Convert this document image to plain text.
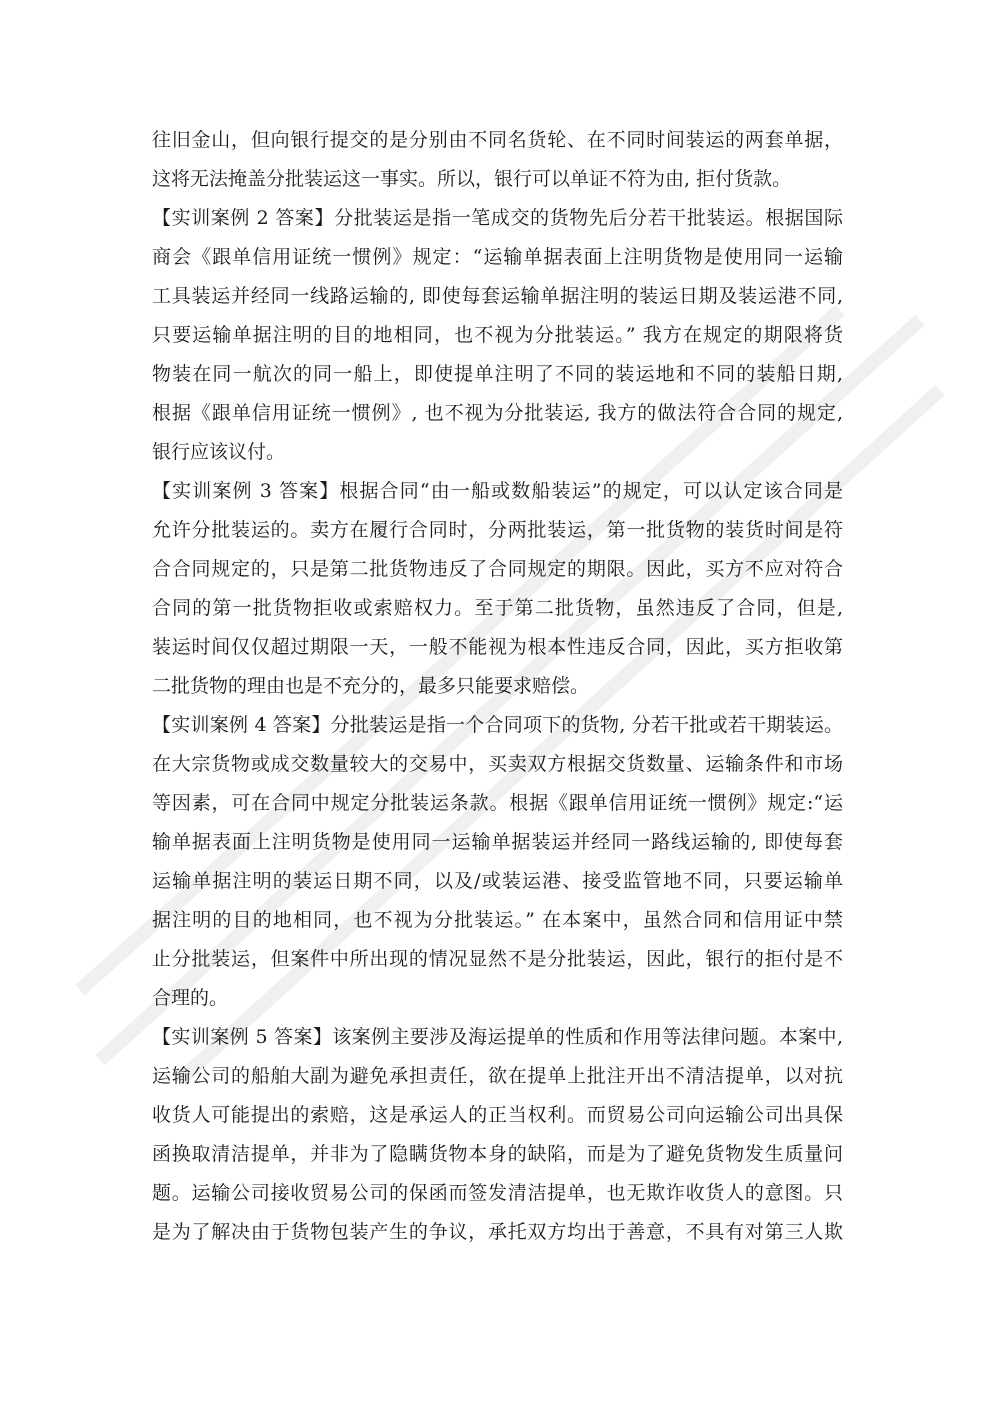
往旧金山，但向银行提交的是分别由不同名货轮、在不同时间装运的两套单据，
这将无法掩盖分批装运这一事实。所以，银行可以单证不符为由, 拒付货款。
【实训案例 2 答案】分批装运是指一笔成交的货物先后分若干批装运。根据国际
商会《跟单信用证统一惯例》规定：“运输单据表面上注明货物是使用同一运输
工具装运并经同一线路运输的, 即使每套运输单据注明的装运日期及装运港不同,
只要运输单据注明的目的地相同，也不视为分批装运。” 我方在规定的期限将货
物装在同一航次的同一船上，即使提单注明了不同的装运地和不同的装船日期,
根据《跟单信用证统一惯例》, 也不视为分批装运, 我方的做法符合合同的规定,
银行应该议付。
【实训案例 3 答案】根据合同“由一船或数船装运”的规定，可以认定该合同是
允许分批装运的。卖方在履行合同时，分两批装运，第一批货物的装货时间是符
合合同规定的，只是第二批货物违反了合同规定的期限。因此，买方不应对符合
合同的第一批货物拒收或索赔权力。至于第二批货物，虽然违反了合同，但是,
装运时间仅仅超过期限一天，一般不能视为根本性违反合同，因此，买方拒收第
二批货物的理由也是不充分的，最多只能要求赔偿。
【实训案例 4 答案】分批装运是指一个合同项下的货物, 分若干批或若干期装运。
在大宗货物或成交数量较大的交易中，买卖双方根据交货数量、运输条件和市场
等因素，可在合同中规定分批装运条款。根据《跟单信用证统一惯例》规定:“运
输单据表面上注明货物是使用同一运输单据装运并经同一路线运输的, 即使每套
运输单据注明的装运日期不同，以及/或装运港、接受监管地不同，只要运输单
据注明的目的地相同，也不视为分批装运。” 在本案中，虽然合同和信用证中禁
止分批装运，但案件中所出现的情况显然不是分批装运，因此，银行的拒付是不
合理的。
【实训案例 5 答案】该案例主要涉及海运提单的性质和作用等法律问题。本案中,
运输公司的船舶大副为避免承担责任，欲在提单上批注开出不清洁提单，以对抗
收货人可能提出的索赔，这是承运人的正当权利。而贸易公司向运输公司出具保
函换取清洁提单，并非为了隐瞒货物本身的缺陷，而是为了避免货物发生质量问
题。运输公司接收贸易公司的保函而签发清洁提单，也无欺诈收货人的意图。只
是为了解决由于货物包装产生的争议，承托双方均出于善意，不具有对第三人欺
